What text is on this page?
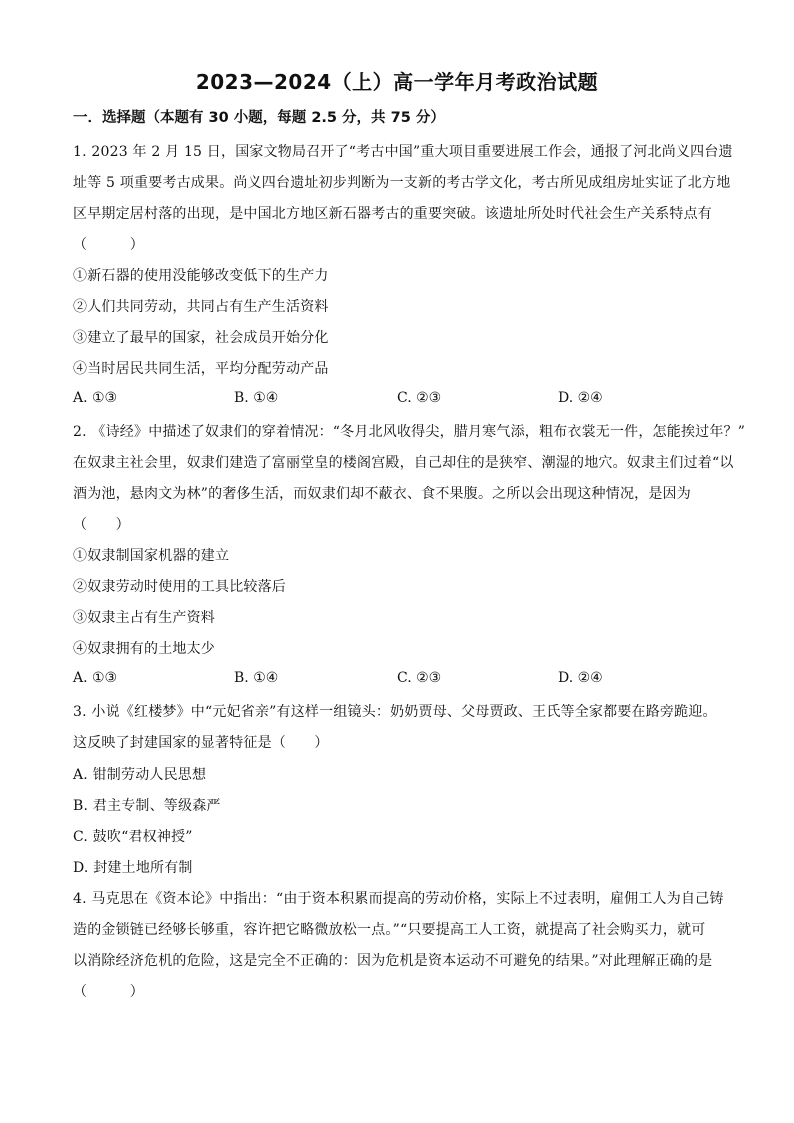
2023—2024（上）高一学年月考政治试题
一．选择题（本题有 30 小题，每题 2.5 分，共 75 分）
1. 2023 年 2 月 15 日，国家文物局召开了“考古中国”重大项目重要进展工作会，通报了河北尚义四台遗
址等 5 项重要考古成果。尚义四台遗址初步判断为一支新的考古学文化，考古所见成组房址实证了北方地
区早期定居村落的出现，是中国北方地区新石器考古的重要突破。该遗址所处时代社会生产关系特点有
（　　　）
①新石器的使用没能够改变低下的生产力
②人们共同劳动，共同占有生产生活资料
③建立了最早的国家，社会成员开始分化
④当时居民共同生活，平均分配劳动产品
A. ①③	B. ①④	C. ②③	D. ②④
2. 《诗经》中描述了奴隶们的穿着情况：“冬月北风收得尖，腊月寒气添，粗布衣裳无一件，怎能挨过年？”
在奴隶主社会里，奴隶们建造了富丽堂皇的楼阁宫殿，自己却住的是狭窄、潮湿的地穴。奴隶主们过着“以
酒为池，悬肉文为林”的奢侈生活，而奴隶们却不蔽衣、食不果腹。之所以会出现这种情况，是因为
（　　）
①奴隶制国家机器的建立
②奴隶劳动时使用的工具比较落后
③奴隶主占有生产资料
④奴隶拥有的土地太少
A. ①③	B. ①④	C. ②③	D. ②④
3. 小说《红楼梦》中“元妃省亲”有这样一组镜头：奶奶贾母、父母贾政、王氏等全家都要在路旁跪迎。
这反映了封建国家的显著特征是（　　）
A. 钳制劳动人民思想
B. 君主专制、等级森严
C. 鼓吹“君权神授”
D. 封建土地所有制
4. 马克思在《资本论》中指出：“由于资本积累而提高的劳动价格，实际上不过表明，雇佣工人为自己铸
造的金锁链已经够长够重，容许把它略微放松一点。”“只要提高工人工资，就提高了社会购买力，就可
以消除经济危机的危险，这是完全不正确的：因为危机是资本运动不可避免的结果。”对此理解正确的是
（　　　）
